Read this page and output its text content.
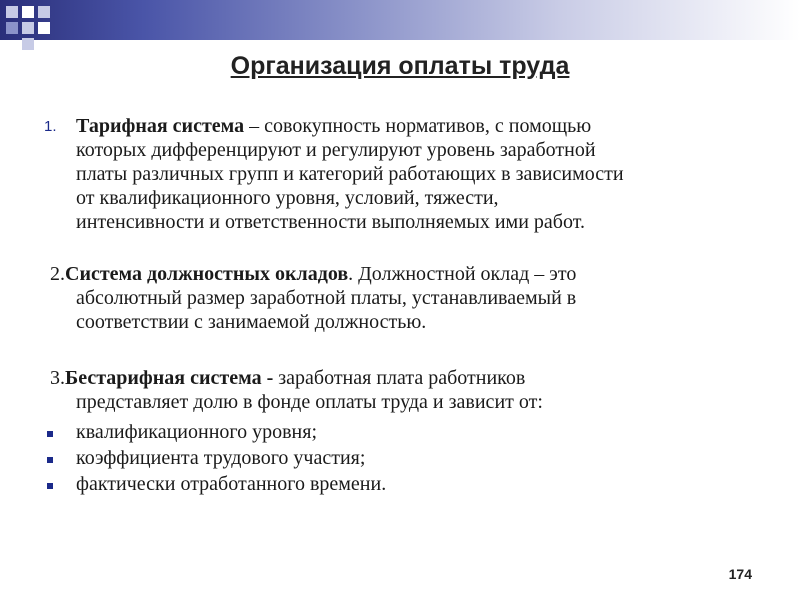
Организация оплаты труда
1. Тарифная система – совокупность нормативов, с помощью
которых дифференцируют и регулируют уровень заработной
платы различных групп и категорий работающих в зависимости
от квалификационного уровня, условий, тяжести,
интенсивности и ответственности выполняемых ими работ.
2.Система должностных окладов. Должностной оклад – это
абсолютный размер заработной платы, устанавливаемый в
соответствии с занимаемой должностью.
3.Бестарифная система - заработная плата работников
представляет долю в фонде оплаты труда и зависит от:
квалификационного уровня;
коэффициента трудового участия;
фактически отработанного времени.
174
